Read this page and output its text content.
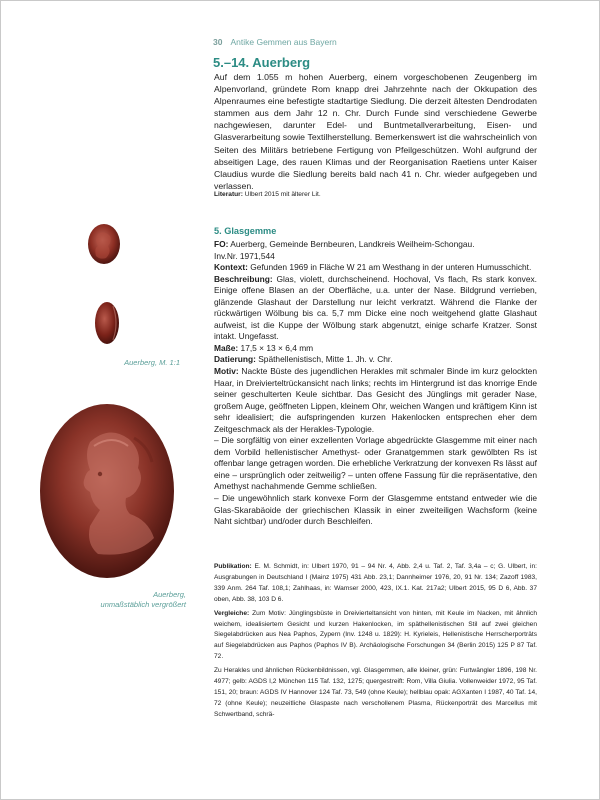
30 Antike Gemmen aus Bayern
5.–14. Auerberg
Auf dem 1.055 m hohen Auerberg, einem vorgeschobenen Zeugenberg im Alpenvorland, gründete Rom knapp drei Jahrzehnte nach der Okkupation des Alpenraumes eine befestigte stadtartige Siedlung. Die derzeit ältesten Dendrodaten stammen aus dem Jahr 12 n. Chr. Durch Funde sind verschiedene Gewerbe nachgewiesen, darunter Edel- und Buntmetallverarbeitung, Eisen- und Glasverarbeitung sowie Textilherstellung. Bemerkenswert ist die wahrscheinlich von Seiten des Militärs betriebene Fertigung von Pfeilgeschützen. Wohl aufgrund der abseitigen Lage, des rauen Klimas und der Reorganisation Raetiens unter Kaiser Claudius wurde die Siedlung bereits bald nach 41 n. Chr. wieder aufgegeben und verlassen.
Literatur: Ulbert 2015 mit älterer Lit.
5. Glasgemme

FO: Auerberg, Gemeinde Bernbeuren, Landkreis Weilheim-Schongau.

Inv.Nr. 1971,544

Kontext: Gefunden 1969 in Fläche W 21 am Westhang in der unteren Humusschicht.

Beschreibung: Glas, violett, durchscheinend. Hochoval, Vs flach, Rs stark konvex. Einige offene Blasen an der Oberfläche, u.a. unter der Nase. Bildgrund verrieben, glänzende Glashaut der Darstellung nur leicht verkratzt. Während die Flanke der rückwärtigen Wölbung bis ca. 5,7 mm Dicke eine noch weitgehend glatte Glashaut aufweist, ist die Kuppe der Wölbung stark abgenutzt, einige scharfe Kratzer. Sonst intakt. Ungefasst.

Maße: 17,5 × 13 × 6,4 mm

Datierung: Späthellenistisch, Mitte 1. Jh. v. Chr.

Motiv: Nackte Büste des jugendlichen Herakles mit schmaler Binde im kurz gelockten Haar, in Dreivierteltrückansicht nach links; rechts im Hintergrund ist das knorrige Ende seiner geschulterten Keule sichtbar. Das Gesicht des Jünglings mit gerader Nase, großem Auge, geöffneten Lippen, kleinem Ohr, weichen Wangen und kräftigem Kinn ist sehr idealisiert; die aufspringenden kurzen Hakenlocken entsprechen eher dem Zeitgeschmack als der Herakles-Typologie.

– Die sorgfältig von einer exzellenten Vorlage abgedrückte Glasgemme mit einer nach dem Vorbild hellenistischer Amethyst- oder Granatgemmen stark gewölbten Rs ist offenbar lange getragen worden. Die erhebliche Verkratzung der konvexen Rs lässt auf eine – ursprünglich oder zeitweilig? – unten offene Fassung für die repräsentative, den Amethyst nachahmende Gemme schließen.

– Die ungewöhnlich stark konvexe Form der Glasgemme entstand entweder wie die Glas-Skarabäoide der griechischen Klassik in einer zweiteiligen Wachsform (keine Naht sichtbar) und/oder durch Beschleifen.

Publikation: E. M. Schmidt, in: Ulbert 1970, 91 – 94 Nr. 4, Abb. 2,4 u. Taf. 2, Taf. 3,4a – c; G. Ulbert, in: Ausgrabungen in Deutschland I (Mainz 1975) 431 Abb. 23,1; Dannheimer 1976, 20, 91 Nr. 134; Zazoff 1983, 339 Anm. 264 Taf. 108,1; Zahlhaas, in: Wamser 2000, 423, IX.1. Kat. 217a2; Ulbert 2015, 95 D 6, Abb. 37 oben, Abb. 38, 103 D 6.

Vergleiche: Zum Motiv: Jünglingsbüste in Dreivierteltansicht von hinten, mit Keule im Nacken, mit ähnlich weichem, idealisiertem Gesicht und kurzen Hakenlocken, im späthellenistischen Stil auf zwei gleichen Siegelabdrücken aus Nea Paphos, Zypern (Inv. 1248 u. 1829): H. Kyrieleis, Hellenistische Herrscherporträts auf Siegelabdrücken aus Paphos (Paphos IV B). Archäologische Forschungen 34 (Berlin 2015) 125 P 87 Taf. 72.

Zu Herakles und ähnlichen Rückenbildnissen, vgl. Glasgemmen, alle kleiner, grün: Furtwängler 1896, 198 Nr. 4977; gelb: AGDS I,2 München 115 Taf. 132, 1275; quergestreift: Rom, Villa Giulia. Vollenweider 1972, 95 Taf. 151, 20; braun: AGDS IV Hannover 124 Taf. 73, 549 (ohne Keule); hellblau opak: AGXanten I 1987, 40 Taf. 14, 72 (ohne Keule); neuzeitliche Glaspaste nach verschollenem Plasma, Rückenporträt des Marcellus mit Schwertband, schrä-

Auerberg, M. 1:1
Auerberg,
unmaßstäblich vergrößert
